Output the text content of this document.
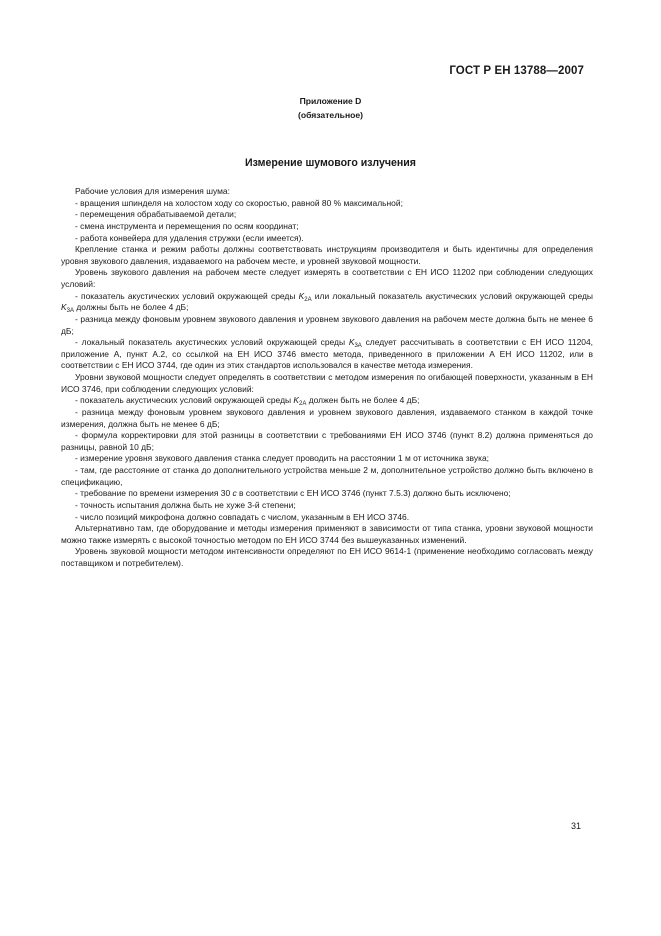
ГОСТ Р ЕН 13788—2007
Приложение D
(обязательное)
Измерение шумового излучения

Рабочие условия для измерения шума:

- вращения шпинделя на холостом ходу со скоростью, равной 80 % максимальной;

- перемещения обрабатываемой детали;

- смена инструмента и перемещения по осям координат;

- работа конвейера для удаления стружки (если имеется).

Крепление станка и режим работы должны соответствовать инструкциям производителя и быть идентичны для определения уровня звукового давления, издаваемого на рабочем месте, и уровней звуковой мощности.

Уровень звукового давления на рабочем месте следует измерять в соответствии с ЕН ИСО 11202 при соблюдении следующих условий:

- показатель акустических условий окружающей среды $K_{2A}$ или локальный показатель акустических условий окружающей среды $K_{3A}$ должны быть не более 4 дБ;

- разница между фоновым уровнем звукового давления и уровнем звукового давления на рабочем месте должна быть не менее 6 дБ;

- локальный показатель акустических условий окружающей среды $K_{3A}$ следует рассчитывать в соответствии с ЕН ИСО 11204, приложение А, пункт А.2, со ссылкой на ЕН ИСО 3746 вместо метода, приведенного в приложении А ЕН ИСО 11202, или в соответствии с ЕН ИСО 3744, где один из этих стандартов использовался в качестве метода измерения.

Уровни звуковой мощности следует определять в соответствии с методом измерения по огибающей поверхности, указанным в ЕН ИСО 3746, при соблюдении следующих условий:

- показатель акустических условий окружающей среды $K_{2A}$ должен быть не более 4 дБ;

- разница между фоновым уровнем звукового давления и уровнем звукового давления, издаваемого станком в каждой точке измерения, должна быть не менее 6 дБ;

- формула корректировки для этой разницы в соответствии с требованиями ЕН ИСО 3746 (пункт 8.2) должна применяться до разницы, равной 10 дБ;

- измерение уровня звукового давления станка следует проводить на расстоянии 1 м от источника звука;

- там, где расстояние от станка до дополнительного устройства меньше 2 м, дополнительное устройство должно быть включено в спецификацию,

- требование по времени измерения 30 с в соответствии с ЕН ИСО 3746 (пункт 7.5.3) должно быть исключено;

- точность испытания должна быть не хуже 3-й степени;

- число позиций микрофона должно совпадать с числом, указанным в ЕН ИСО 3746.

Альтернативно там, где оборудование и методы измерения применяют в зависимости от типа станка, уровни звуковой мощности можно также измерять с высокой точностью методом по ЕН ИСО 3744 без вышеуказанных изменений.

Уровень звуковой мощности методом интенсивности определяют по ЕН ИСО 9614-1 (применение необходимо согласовать между поставщиком и потребителем).

31
